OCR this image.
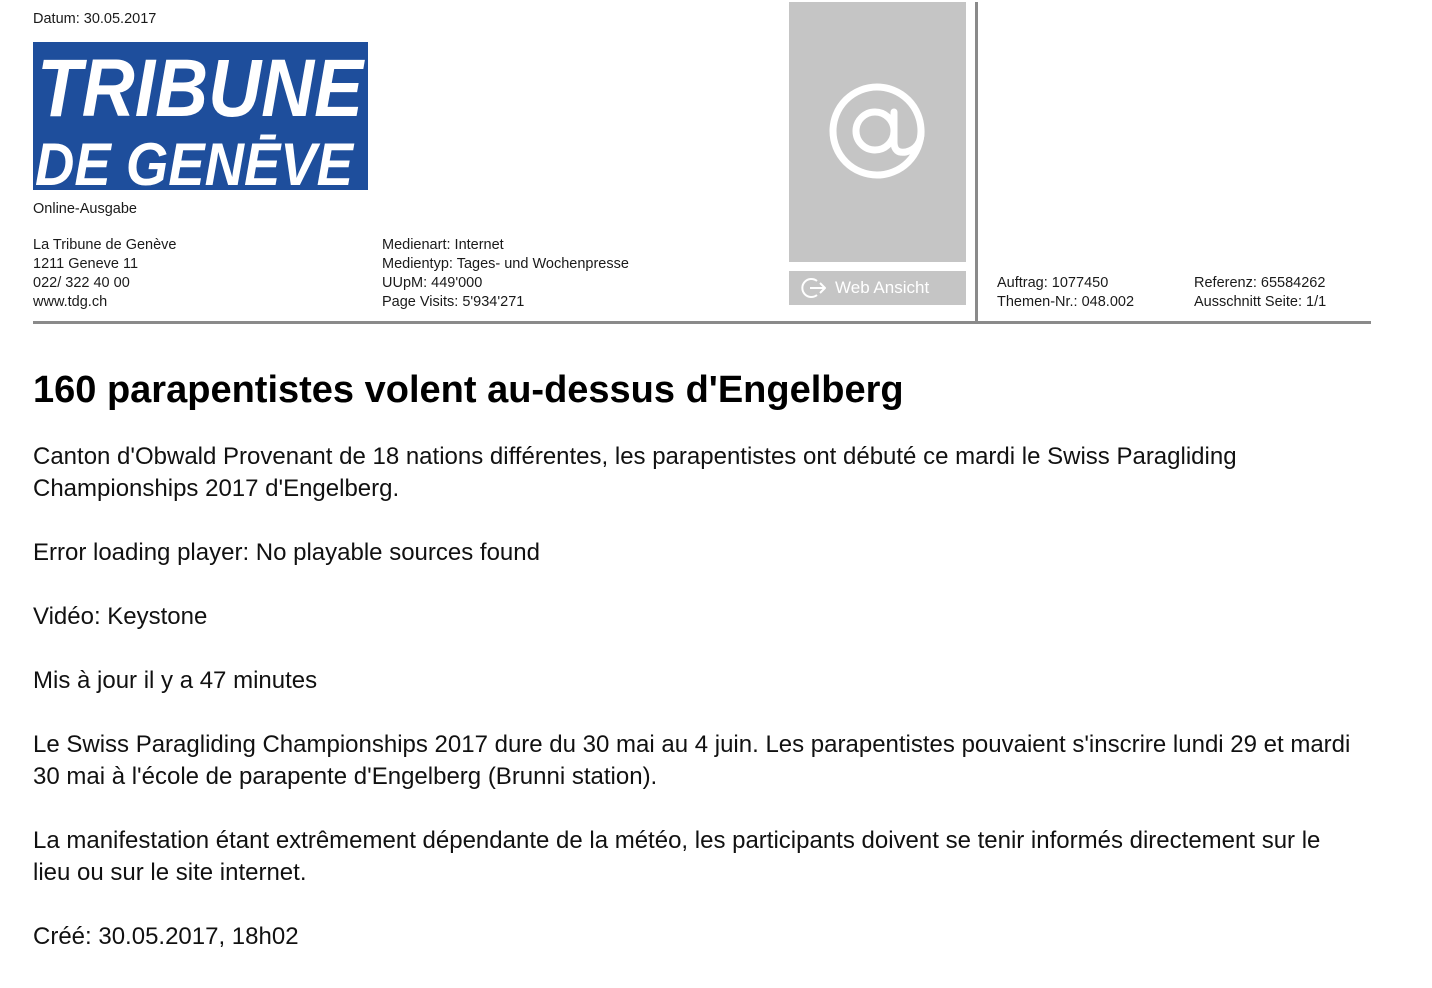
Datum: 30.05.2017
TRIBUNE
DE GENĒVE
Online-Ausgabe
La Tribune de Genève
1211 Geneve 11
022/ 322 40 00
www.tdg.ch
Medienart: Internet
Medientyp: Tages- und Wochenpresse
UUpM: 449'000
Page Visits: 5'934'271
Web Ansicht	Auftrag: 1077450
Themen-Nr.: 048.002
Referenz: 65584262
Ausschnitt Seite: 1/1
160 parapentistes volent au-dessus d'Engelberg

Canton d'Obwald Provenant de 18 nations différentes, les parapentistes ont débuté ce mardi le Swiss Paragliding Championships 2017 d'Engelberg.

Error loading player: No playable sources found

Vidéo: Keystone

Mis à jour il y a 47 minutes

Le Swiss Paragliding Championships 2017 dure du 30 mai au 4 juin. Les parapentistes pouvaient s'inscrire lundi 29 et mardi 30 mai à l'école de parapente d'Engelberg (Brunni station).

La manifestation étant extrêmement dépendante de la météo, les participants doivent se tenir informés directement sur le lieu ou sur le site internet.

Créé: 30.05.2017, 18h02
